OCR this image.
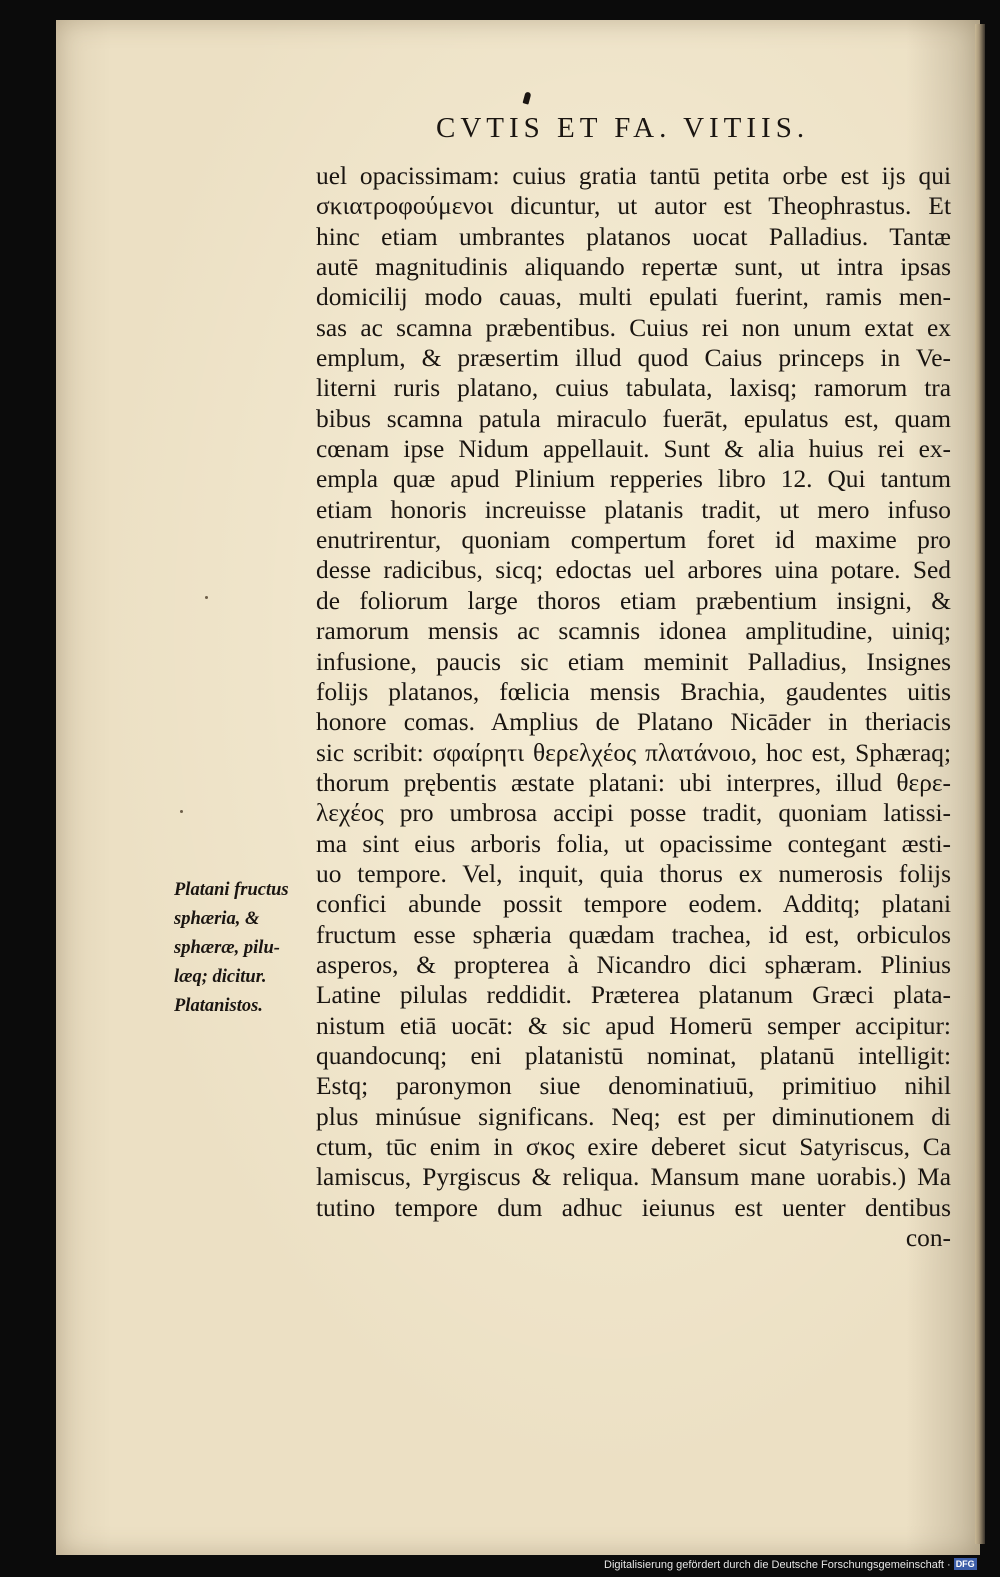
CVTIS ET FA. VITIIS.
Platani fructus
sphæria, &
sphæræ, pilu-
læq; dicitur.
Platanistos.
uel opacissimam: cuius gratia tantū petita orbe est ijs qui
σκιατροφούμενοι dicuntur, ut autor est Theophrastus. Et
hinc etiam umbrantes platanos uocat Palladius. Tantæ
autē magnitudinis aliquando repertæ sunt, ut intra ipsas
domicilij modo cauas, multi epulati fuerint, ramis men-
sas ac scamna præbentibus. Cuius rei non unum extat ex
emplum, & præsertim illud quod Caius princeps in Ve-
literni ruris platano, cuius tabulata, laxisq; ramorum tra
bibus scamna patula miraculo fuerāt, epulatus est, quam
cœnam ipse Nidum appellauit. Sunt & alia huius rei ex-
empla quæ apud Plinium repperies libro 12. Qui tantum
etiam honoris increuisse platanis tradit, ut mero infuso
enutrirentur, quoniam compertum foret id maxime pro
desse radicibus, sicq; edoctas uel arbores uina potare. Sed
de foliorum large thoros etiam præbentium insigni, &
ramorum mensis ac scamnis idonea amplitudine, uiniq;
infusione, paucis sic etiam meminit Palladius, Insignes
folijs platanos, fœlicia mensis Brachia, gaudentes uitis
honore comas. Amplius de Platano Nicāder in theriacis
sic scribit: σφαίρητι θερελχέος πλατάνοιο, hoc est, Sphæraq;
thorum prębentis æstate platani: ubi interpres, illud θερε-
λεχέος pro umbrosa accipi posse tradit, quoniam latissi-
ma sint eius arboris folia, ut opacissime contegant æsti-
uo tempore. Vel, inquit, quia thorus ex numerosis folijs
confici abunde possit tempore eodem. Additq; platani
fructum esse sphæria quædam trachea, id est, orbiculos
asperos, & propterea à Nicandro dici sphæram. Plinius
Latine pilulas reddidit. Præterea platanum Græci plata-
nistum etiā uocāt: & sic apud Homerū semper accipitur:
quandocunq; eni platanistū nominat, platanū intelligit:
Estq; paronymon siue denominatiuū, primitiuo nihil
plus minúsue significans. Neq; est per diminutionem di
ctum, tūc enim in σκος exire deberet sicut Satyriscus, Ca
lamiscus, Pyrgiscus & reliqua. Mansum mane uorabis.) Ma
tutino tempore dum adhuc ieiunus est uenter dentibus
con-
Digitalisierung gefördert durch die Deutsche Forschungsgemeinschaft · DFG
